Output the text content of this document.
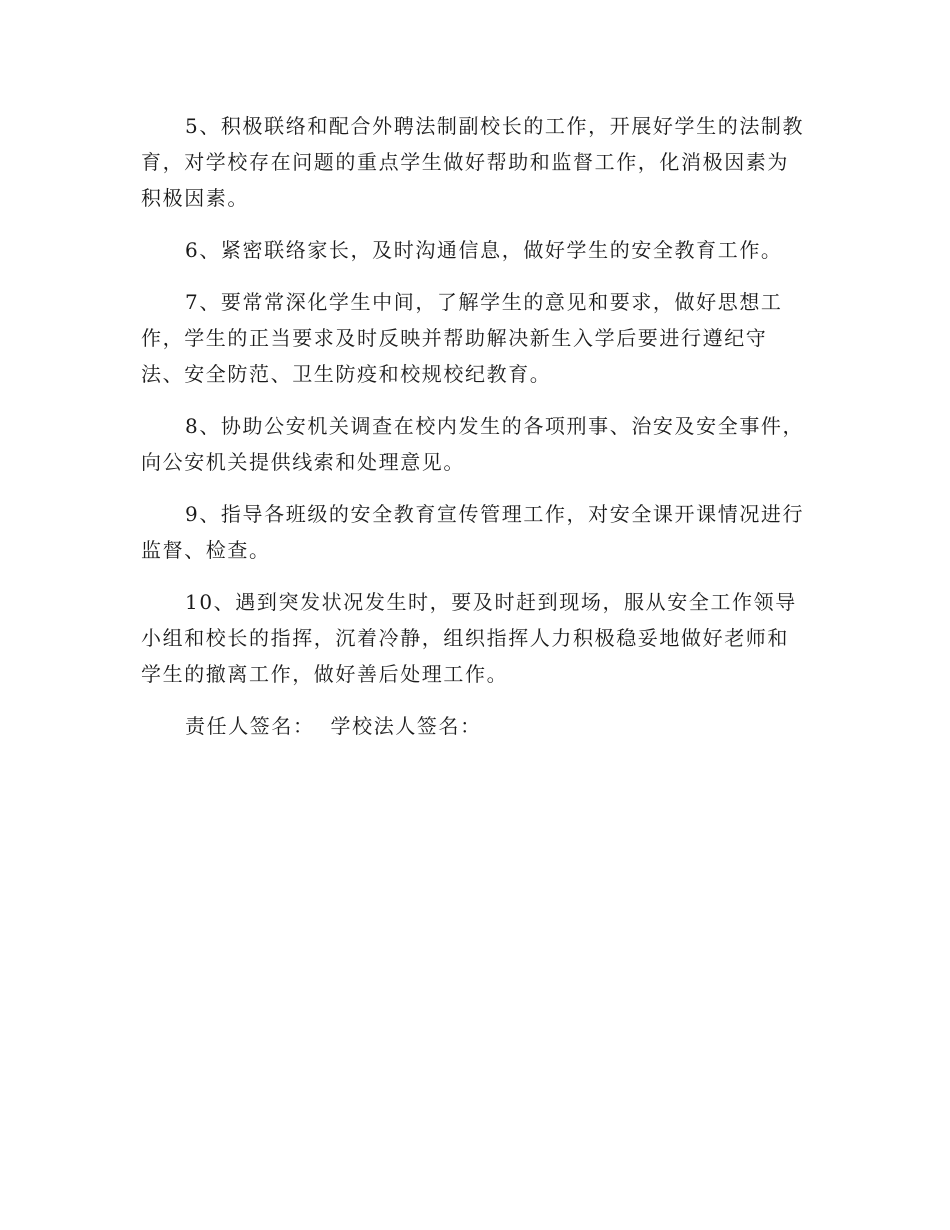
5、积极联络和配合外聘法制副校长的工作，开展好学生的法制教
育，对学校存在问题的重点学生做好帮助和监督工作，化消极因素为
积极因素。

6、紧密联络家长，及时沟通信息，做好学生的安全教育工作。

7、要常常深化学生中间，了解学生的意见和要求，做好思想工
作，学生的正当要求及时反映并帮助解决新生入学后要进行遵纪守
法、安全防范、卫生防疫和校规校纪教育。

8、协助公安机关调查在校内发生的各项刑事、治安及安全事件，
向公安机关提供线索和处理意见。

9、指导各班级的安全教育宣传管理工作，对安全课开课情况进行
监督、检查。

10、遇到突发状况发生时，要及时赶到现场，服从安全工作领导
小组和校长的指挥，沉着冷静，组织指挥人力积极稳妥地做好老师和
学生的撤离工作，做好善后处理工作。

责任人签名：  学校法人签名：
